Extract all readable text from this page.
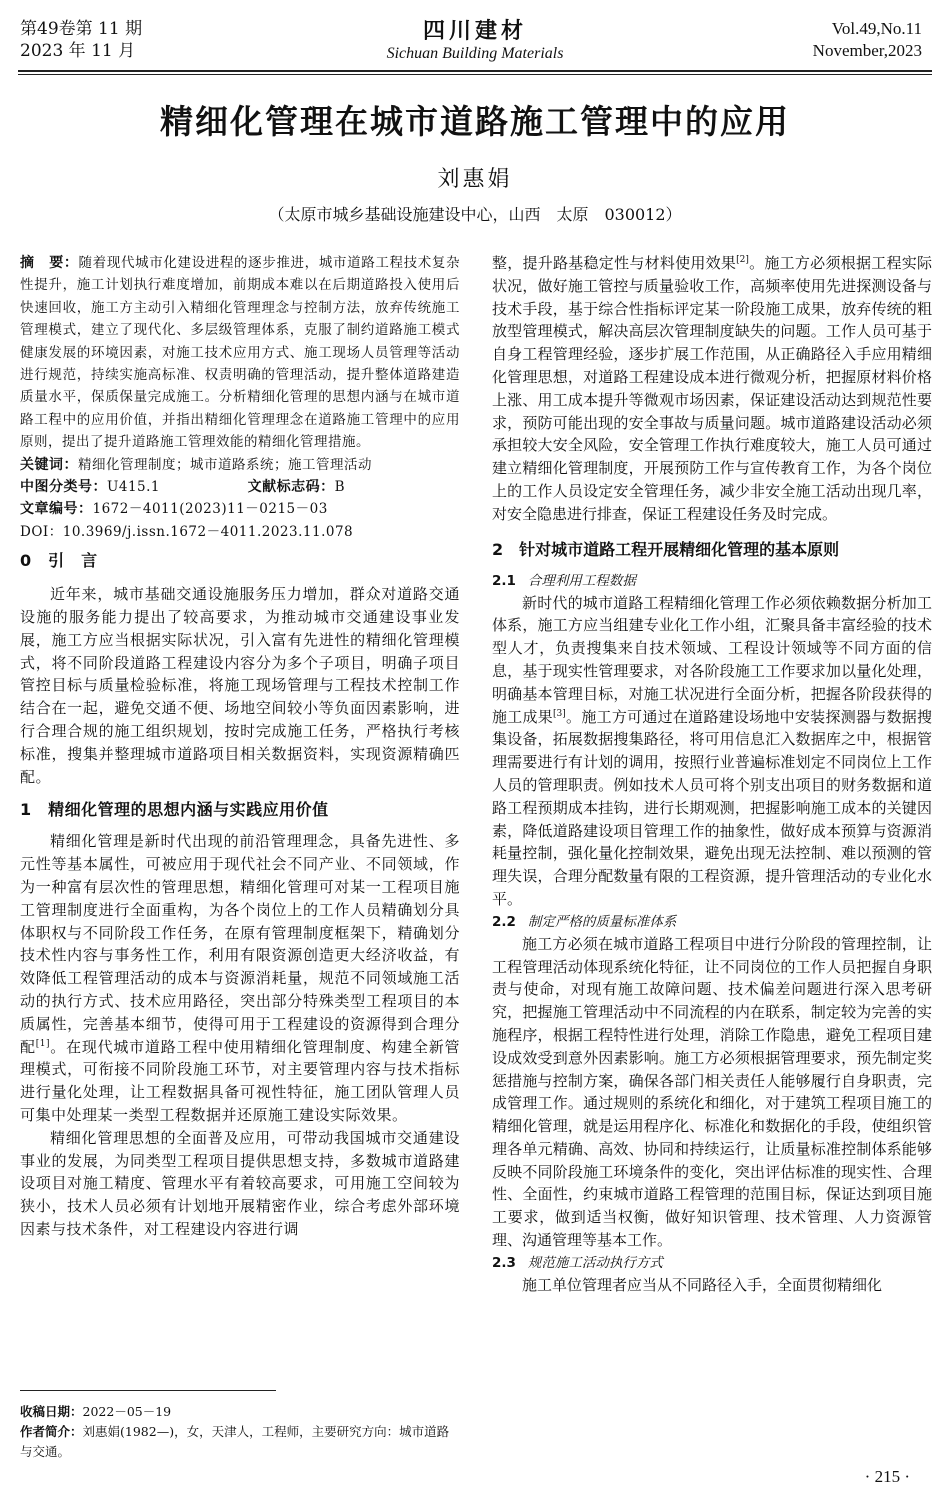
第49卷第 11 期
2023 年 11 月
四川建材
Sichuan Building Materials
Vol.49,No.11
November,2023
精细化管理在城市道路施工管理中的应用
刘惠娟
（太原市城乡基础设施建设中心，山西　太原　030012）
摘　要：随着现代城市化建设进程的逐步推进，城市道路工程技术复杂性提升，施工计划执行难度增加，前期成本难以在后期道路投入使用后快速回收，施工方主动引入精细化管理理念与控制方法，放弃传统施工管理模式，建立了现代化、多层级管理体系，克服了制约道路施工模式健康发展的环境因素，对施工技术应用方式、施工现场人员管理等活动进行规范，持续实施高标准、权责明确的管理活动，提升整体道路建造质量水平，保质保量完成施工。分析精细化管理的思想内涵与在城市道路工程中的应用价值，并指出精细化管理理念在道路施工管理中的应用原则，提出了提升道路施工管理效能的精细化管理措施。
关键词：精细化管理制度；城市道路系统；施工管理活动
中图分类号：U415.1	文献标志码：B
文章编号：1672－4011(2023)11－0215－03
DOI：10.3969/j.issn.1672－4011.2023.11.078
0　引　言

近年来，城市基础交通设施服务压力增加，群众对道路交通设施的服务能力提出了较高要求，为推动城市交通建设事业发展，施工方应当根据实际状况，引入富有先进性的精细化管理模式，将不同阶段道路工程建设内容分为多个子项目，明确子项目管控目标与质量检验标准，将施工现场管理与工程技术控制工作结合在一起，避免交通不便、场地空间较小等负面因素影响，进行合理合规的施工组织规划，按时完成施工任务，严格执行考核标准，搜集并整理城市道路项目相关数据资料，实现资源精确匹配。

1　精细化管理的思想内涵与实践应用价值

精细化管理是新时代出现的前沿管理理念，具备先进性、多元性等基本属性，可被应用于现代社会不同产业、不同领域，作为一种富有层次性的管理思想，精细化管理可对某一工程项目施工管理制度进行全面重构，为各个岗位上的工作人员精确划分具体职权与不同阶段工作任务，在原有管理制度框架下，精确划分技术性内容与事务性工作，利用有限资源创造更大经济收益，有效降低工程管理活动的成本与资源消耗量，规范不同领域施工活动的执行方式、技术应用路径，突出部分特殊类型工程项目的本质属性，完善基本细节，使得可用于工程建设的资源得到合理分配[1]。在现代城市道路工程中使用精细化管理制度、构建全新管理模式，可衔接不同阶段施工环节，对主要管理内容与技术指标进行量化处理，让工程数据具备可视性特征，施工团队管理人员可集中处理某一类型工程数据并还原施工建设实际效果。

精细化管理思想的全面普及应用，可带动我国城市交通建设事业的发展，为同类型工程项目提供思想支持，多数城市道路建设项目对施工精度、管理水平有着较高要求，可用施工空间较为狭小，技术人员必须有计划地开展精密作业，综合考虑外部环境因素与技术条件，对工程建设内容进行调

收稿日期：2022－05－19
作者简介：刘惠娟(1982—)，女，天津人，工程师，主要研究方向：城市道路与交通。

整，提升路基稳定性与材料使用效果[2]。施工方必须根据工程实际状况，做好施工管控与质量验收工作，高频率使用先进探测设备与技术手段，基于综合性指标评定某一阶段施工成果，放弃传统的粗放型管理模式，解决高层次管理制度缺失的问题。工作人员可基于自身工程管理经验，逐步扩展工作范围，从正确路径入手应用精细化管理思想，对道路工程建设成本进行微观分析，把握原材料价格上涨、用工成本提升等微观市场因素，保证建设活动达到规范性要求，预防可能出现的安全事故与质量问题。城市道路建设活动必须承担较大安全风险，安全管理工作执行难度较大，施工人员可通过建立精细化管理制度，开展预防工作与宣传教育工作，为各个岗位上的工作人员设定安全管理任务，减少非安全施工活动出现几率，对安全隐患进行排查，保证工程建设任务及时完成。

2　针对城市道路工程开展精细化管理的基本原则
2.1 合理利用工程数据

新时代的城市道路工程精细化管理工作必须依赖数据分析加工体系，施工方应当组建专业化工作小组，汇聚具备丰富经验的技术型人才，负责搜集来自技术领域、工程设计领域等不同方面的信息，基于现实性管理要求，对各阶段施工工作要求加以量化处理，明确基本管理目标，对施工状况进行全面分析，把握各阶段获得的施工成果[3]。施工方可通过在道路建设场地中安装探测器与数据搜集设备，拓展数据搜集路径，将可用信息汇入数据库之中，根据管理需要进行有计划的调用，按照行业普遍标准划定不同岗位上工作人员的管理职责。例如技术人员可将个别支出项目的财务数据和道路工程预期成本挂钩，进行长期观测，把握影响施工成本的关键因素，降低道路建设项目管理工作的抽象性，做好成本预算与资源消耗量控制，强化量化控制效果，避免出现无法控制、难以预测的管理失误，合理分配数量有限的工程资源，提升管理活动的专业化水平。

2.2 制定严格的质量标准体系

施工方必须在城市道路工程项目中进行分阶段的管理控制，让工程管理活动体现系统化特征，让不同岗位的工作人员把握自身职责与使命，对现有施工故障问题、技术偏差问题进行深入思考研究，把握施工管理活动中不同流程的内在联系，制定较为完善的实施程序，根据工程特性进行处理，消除工作隐患，避免工程项目建设成效受到意外因素影响。施工方必须根据管理要求，预先制定奖惩措施与控制方案，确保各部门相关责任人能够履行自身职责，完成管理工作。通过规则的系统化和细化，对于建筑工程项目施工的精细化管理，就是运用程序化、标准化和数据化的手段，使组织管理各单元精确、高效、协同和持续运行，让质量标准控制体系能够反映不同阶段施工环境条件的变化，突出评估标准的现实性、合理性、全面性，约束城市道路工程管理的范围目标，保证达到项目施工要求，做到适当权衡，做好知识管理、技术管理、人力资源管理、沟通管理等基本工作。

2.3 规范施工活动执行方式

施工单位管理者应当从不同路径入手，全面贯彻精细化

· 215 ·
